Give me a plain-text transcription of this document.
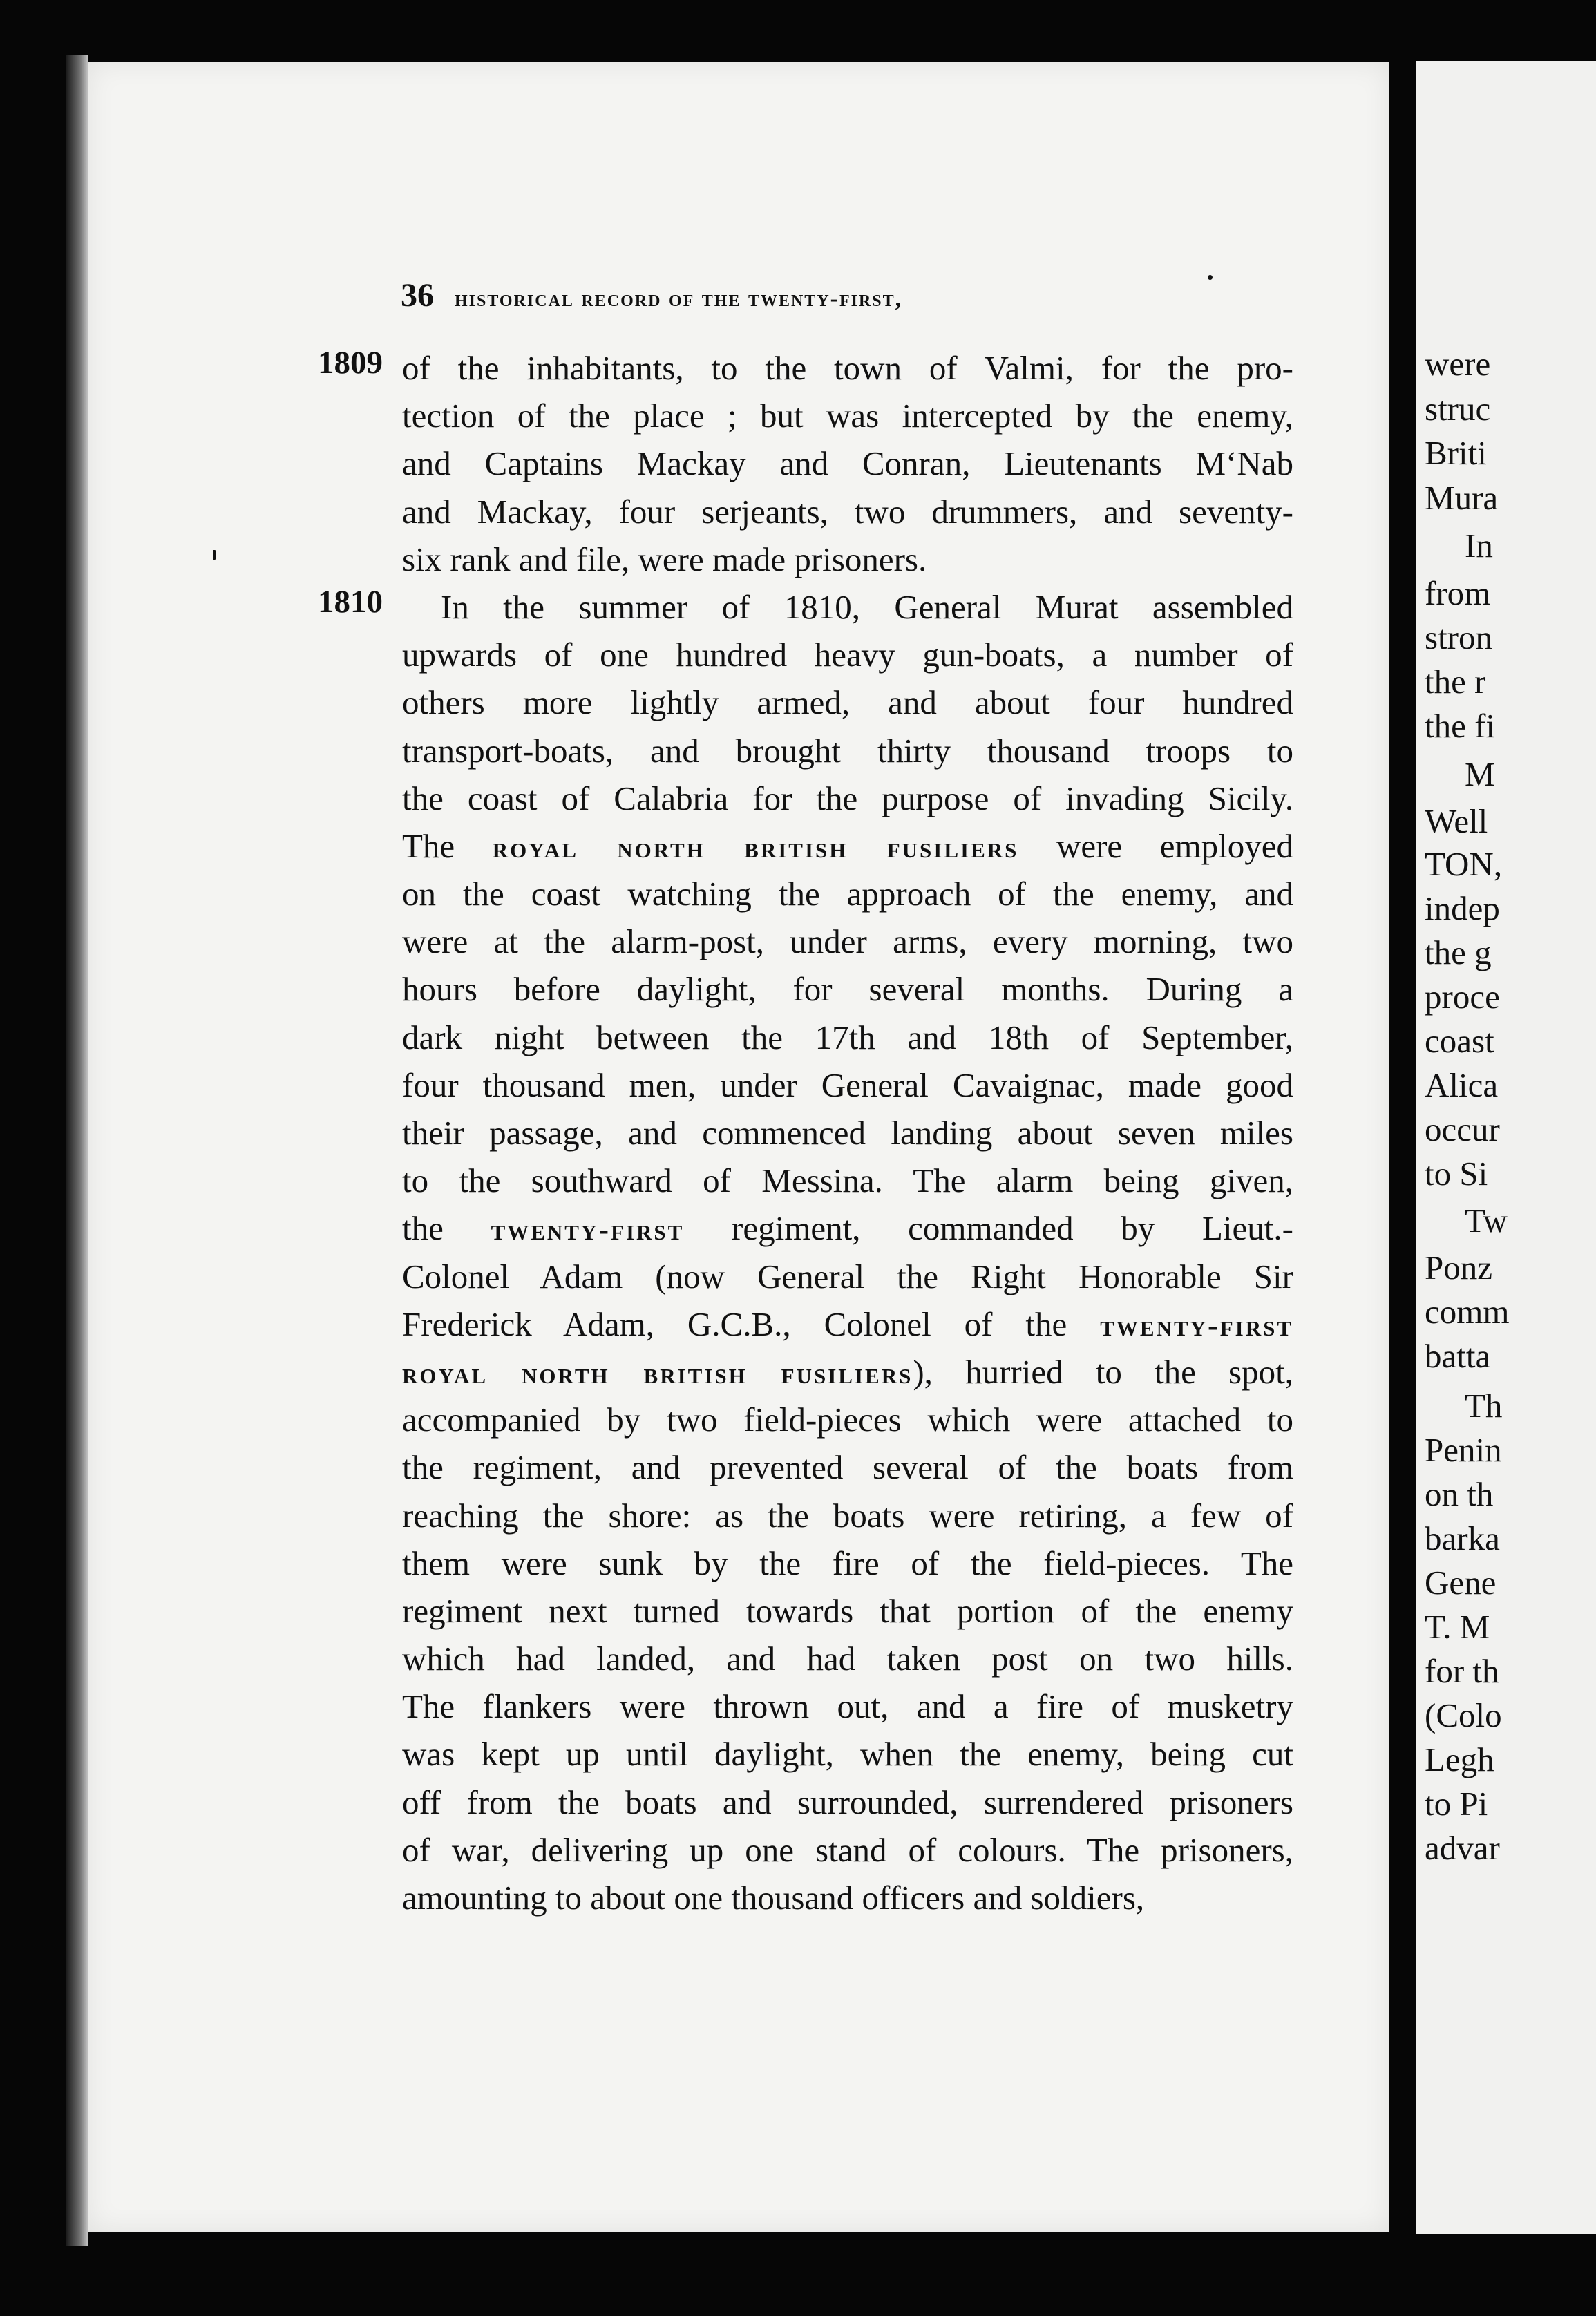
36 historical record of the twenty-first,
1809
1810
of the inhabitants, to the town of Valmi, for the pro-
tection of the place ; but was intercepted by the enemy,
and Captains Mackay and Conran, Lieutenants M‘Nab
and Mackay, four serjeants, two drummers, and seventy-
six rank and file, were made prisoners.
In the summer of 1810, General Murat assembled
upwards of one hundred heavy gun-boats, a number of
others more lightly armed, and about four hundred
transport-boats, and brought thirty thousand troops to
the coast of Calabria for the purpose of invading Sicily.
The royal north british fusiliers were employed
on the coast watching the approach of the enemy, and
were at the alarm-post, under arms, every morning, two
hours before daylight, for several months. During a
dark night between the 17th and 18th of September,
four thousand men, under General Cavaignac, made good
their passage, and commenced landing about seven miles
to the southward of Messina. The alarm being given,
the twenty-first regiment, commanded by Lieut.-
Colonel Adam (now General the Right Honorable Sir
Frederick Adam, G.C.B., Colonel of the twenty-first
royal north british fusiliers), hurried to the spot,
accompanied by two field-pieces which were attached to
the regiment, and prevented several of the boats from
reaching the shore: as the boats were retiring, a few of
them were sunk by the fire of the field-pieces. The
regiment next turned towards that portion of the enemy
which had landed, and had taken post on two hills.
The flankers were thrown out, and a fire of musketry
was kept up until daylight, when the enemy, being cut
off from the boats and surrounded, surrendered prisoners
of war, delivering up one stand of colours. The prisoners,
amounting to about one thousand officers and soldiers,
were
struc
Briti
Mura
In
from
stron
the r
the fi
M
Well
TON,
indep
the g
proce
coast
Alica
occur
to Si
Tw
Ponz
comm
batta
Th
Penin
on th
barka
Gene
T. M
for th
(Colo
Legh
to Pi
advar
